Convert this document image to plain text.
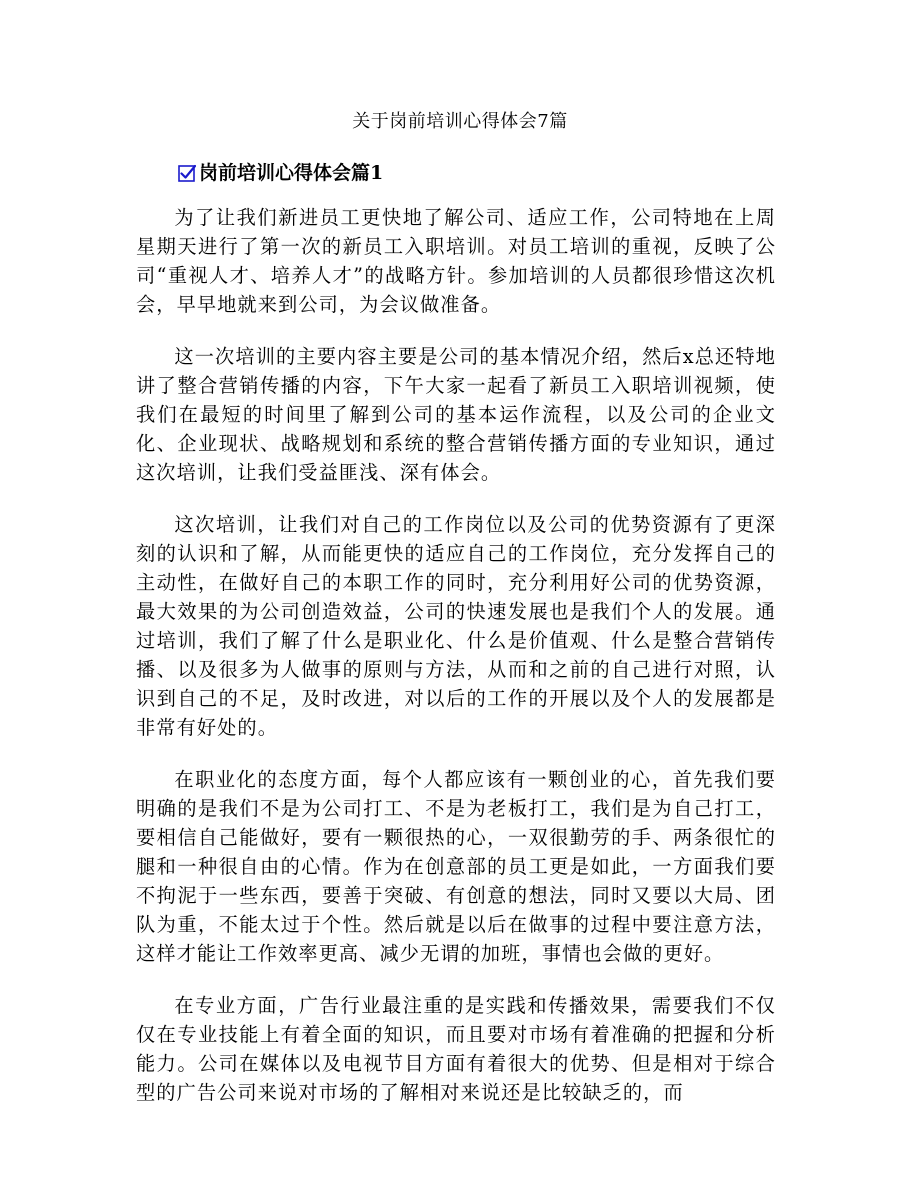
关于岗前培训心得体会7篇
岗前培训心得体会篇1

为了让我们新进员工更快地了解公司、适应工作，公司特地在上周星期天进行了第一次的新员工入职培训。对员工培训的重视，反映了公司“重视人才、培养人才”的战略方针。参加培训的人员都很珍惜这次机会，早早地就来到公司，为会议做准备。

这一次培训的主要内容主要是公司的基本情况介绍，然后x总还特地讲了整合营销传播的内容，下午大家一起看了新员工入职培训视频，使我们在最短的时间里了解到公司的基本运作流程，以及公司的企业文化、企业现状、战略规划和系统的整合营销传播方面的专业知识，通过这次培训，让我们受益匪浅、深有体会。

这次培训，让我们对自己的工作岗位以及公司的优势资源有了更深刻的认识和了解，从而能更快的适应自己的工作岗位，充分发挥自己的主动性，在做好自己的本职工作的同时，充分利用好公司的优势资源，最大效果的为公司创造效益，公司的快速发展也是我们个人的发展。通过培训，我们了解了什么是职业化、什么是价值观、什么是整合营销传播、以及很多为人做事的原则与方法，从而和之前的自己进行对照，认识到自己的不足，及时改进，对以后的工作的开展以及个人的发展都是非常有好处的。

在职业化的态度方面，每个人都应该有一颗创业的心，首先我们要明确的是我们不是为公司打工、不是为老板打工，我们是为自己打工，要相信自己能做好，要有一颗很热的心，一双很勤劳的手、两条很忙的腿和一种很自由的心情。作为在创意部的员工更是如此，一方面我们要不拘泥于一些东西，要善于突破、有创意的想法，同时又要以大局、团队为重，不能太过于个性。然后就是以后在做事的过程中要注意方法，这样才能让工作效率更高、减少无谓的加班，事情也会做的更好。

在专业方面，广告行业最注重的是实践和传播效果，需要我们不仅仅在专业技能上有着全面的知识，而且要对市场有着准确的把握和分析能力。公司在媒体以及电视节目方面有着很大的优势、但是相对于综合型的广告公司来说对市场的了解相对来说还是比较缺乏的，而
